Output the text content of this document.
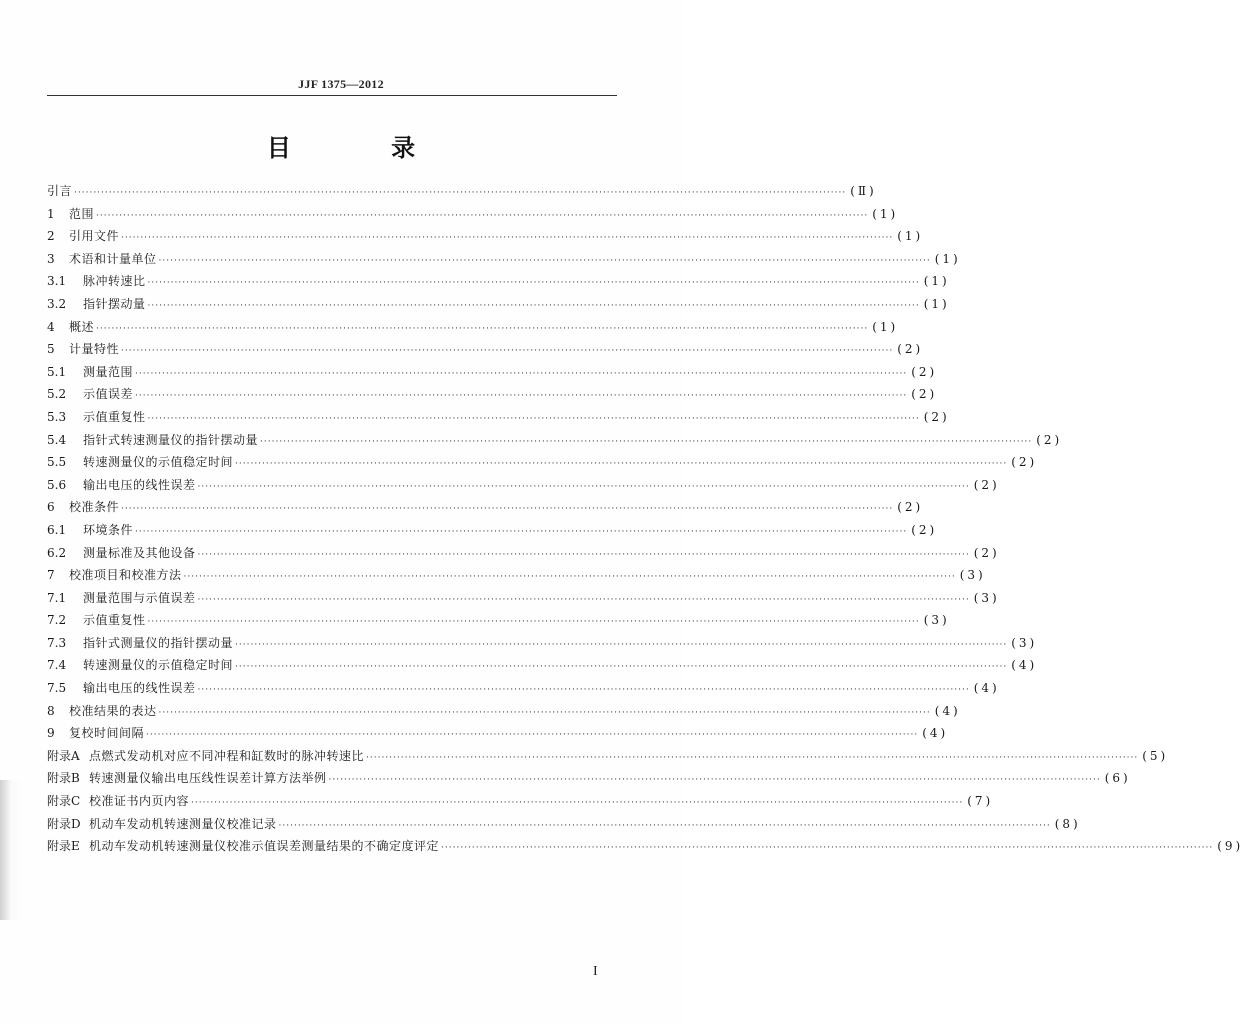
JJF 1375—2012
目 录
引言 ········································································································································································································ (Ⅱ)
1	范围 ········································································································································································································ (1)
2	引用文件 ········································································································································································································ (1)
3	术语和计量单位 ········································································································································································································ (1)
3.1	脉冲转速比 ········································································································································································································ (1)
3.2	指针摆动量 ········································································································································································································ (1)
4	概述 ········································································································································································································ (1)
5	计量特性 ········································································································································································································ (2)
5.1	测量范围 ········································································································································································································ (2)
5.2	示值误差 ········································································································································································································ (2)
5.3	示值重复性 ········································································································································································································ (2)
5.4	指针式转速测量仪的指针摆动量 ········································································································································································································ (2)
5.5	转速测量仪的示值稳定时间 ········································································································································································································ (2)
5.6	输出电压的线性误差 ········································································································································································································ (2)
6	校准条件 ········································································································································································································ (2)
6.1	环境条件 ········································································································································································································ (2)
6.2	测量标准及其他设备 ········································································································································································································ (2)
7	校准项目和校准方法 ········································································································································································································ (3)
7.1	测量范围与示值误差 ········································································································································································································ (3)
7.2	示值重复性 ········································································································································································································ (3)
7.3	指针式测量仪的指针摆动量 ········································································································································································································ (3)
7.4	转速测量仪的示值稳定时间 ········································································································································································································ (4)
7.5	输出电压的线性误差 ········································································································································································································ (4)
8	校准结果的表达 ········································································································································································································ (4)
9	复校时间间隔 ········································································································································································································ (4)
附录A 点燃式发动机对应不同冲程和缸数时的脉冲转速比 ········································································································································································································ (5)
附录B 转速测量仪输出电压线性误差计算方法举例 ········································································································································································································ (6)
附录C 校准证书内页内容 ········································································································································································································ (7)
附录D 机动车发动机转速测量仪校准记录 ········································································································································································································ (8)
附录E 机动车发动机转速测量仪校准示值误差测量结果的不确定度评定 ········································································································································································································ (9)
I
